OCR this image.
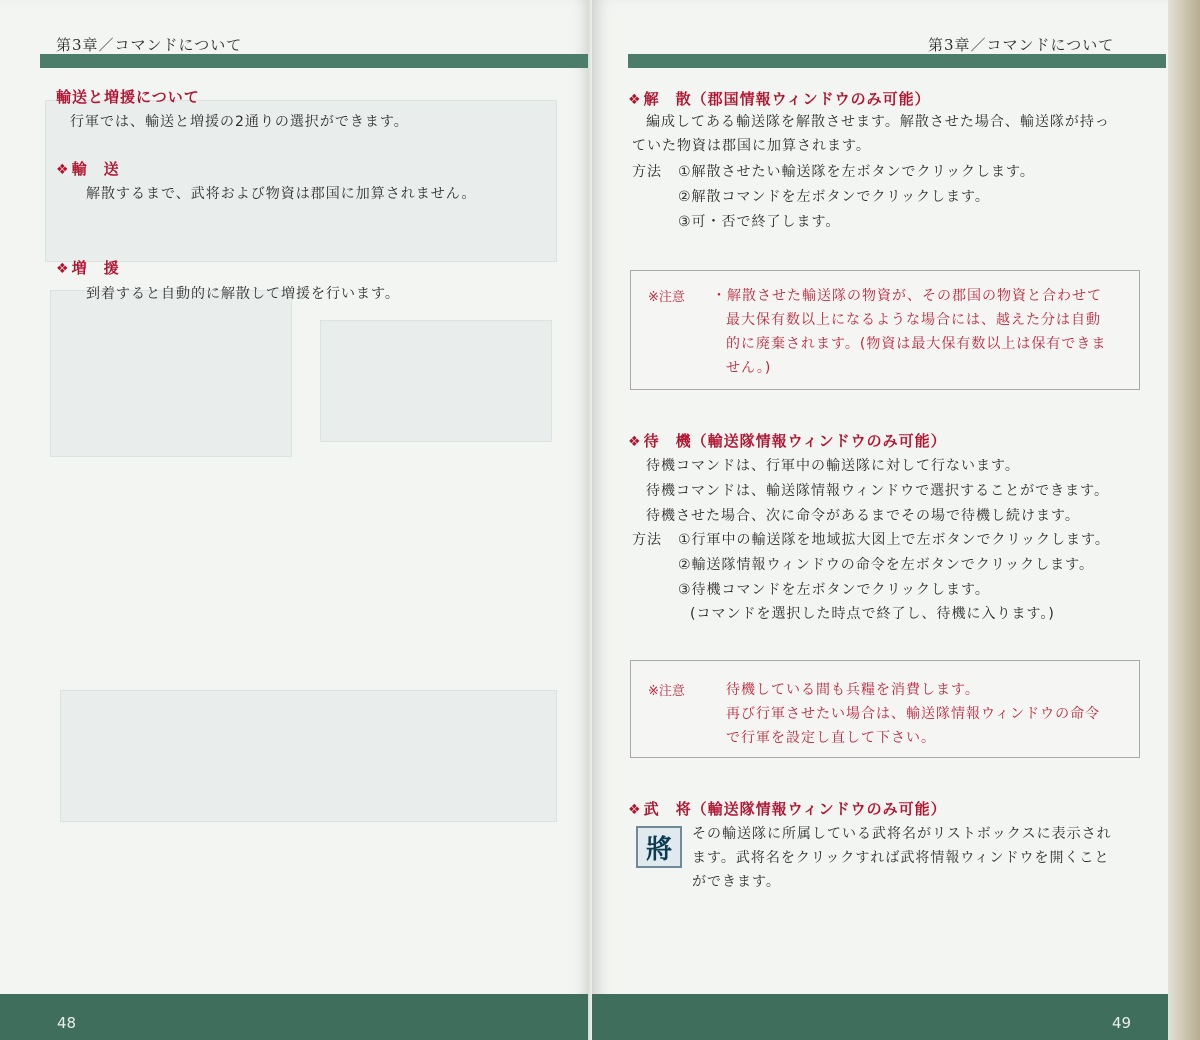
第3章／コマンドについて
輸送と増援について
行軍では、輸送と増援の2通りの選択ができます。
❖ 輸　送
解散するまで、武将および物資は郡国に加算されません。
❖ 増　援
到着すると自動的に解散して増援を行います。
48
第3章／コマンドについて
❖ 解　散（郡国情報ウィンドウのみ可能）
編成してある輸送隊を解散させます。解散させた場合、輸送隊が持っ
ていた物資は郡国に加算されます。
方法 ①解散させたい輸送隊を左ボタンでクリックします。
②解散コマンドを左ボタンでクリックします。
③可・否で終了します。
※注意 ・解散させた輸送隊の物資が、その郡国の物資と合わせて
最大保有数以上になるような場合には、越えた分は自動
的に廃棄されます。(物資は最大保有数以上は保有できま
せん。)
❖ 待　機（輸送隊情報ウィンドウのみ可能）
待機コマンドは、行軍中の輸送隊に対して行ないます。
待機コマンドは、輸送隊情報ウィンドウで選択することができます。
待機させた場合、次に命令があるまでその場で待機し続けます。
方法 ①行軍中の輸送隊を地域拡大図上で左ボタンでクリックします。
②輸送隊情報ウィンドウの命令を左ボタンでクリックします。
③待機コマンドを左ボタンでクリックします。
(コマンドを選択した時点で終了し、待機に入ります。)
※注意	待機している間も兵糧を消費します。
再び行軍させたい場合は、輸送隊情報ウィンドウの命令
で行軍を設定し直して下さい。
❖ 武　将（輸送隊情報ウィンドウのみ可能）
將
その輸送隊に所属している武将名がリストボックスに表示され
ます。武将名をクリックすれば武将情報ウィンドウを開くこと
ができます。
49
